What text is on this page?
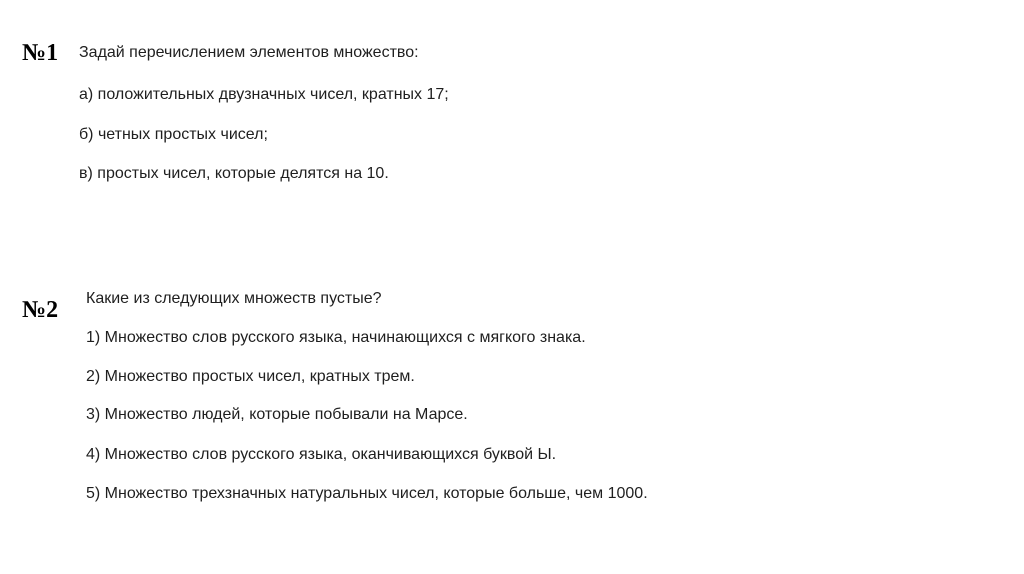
№1 Задай перечислением элементов множество:
а) положительных двузначных чисел, кратных 17;
б) четных простых чисел;
в) простых чисел, которые делятся на 10.
№2 Какие из следующих множеств пустые?
1) Множество слов русского языка, начинающихся с мягкого знака.
2) Множество простых чисел, кратных трем.
3) Множество людей, которые побывали на Марсе.
4) Множество слов русского языка, оканчивающихся буквой Ы.
5) Множество трехзначных натуральных чисел, которые больше, чем 1000.
